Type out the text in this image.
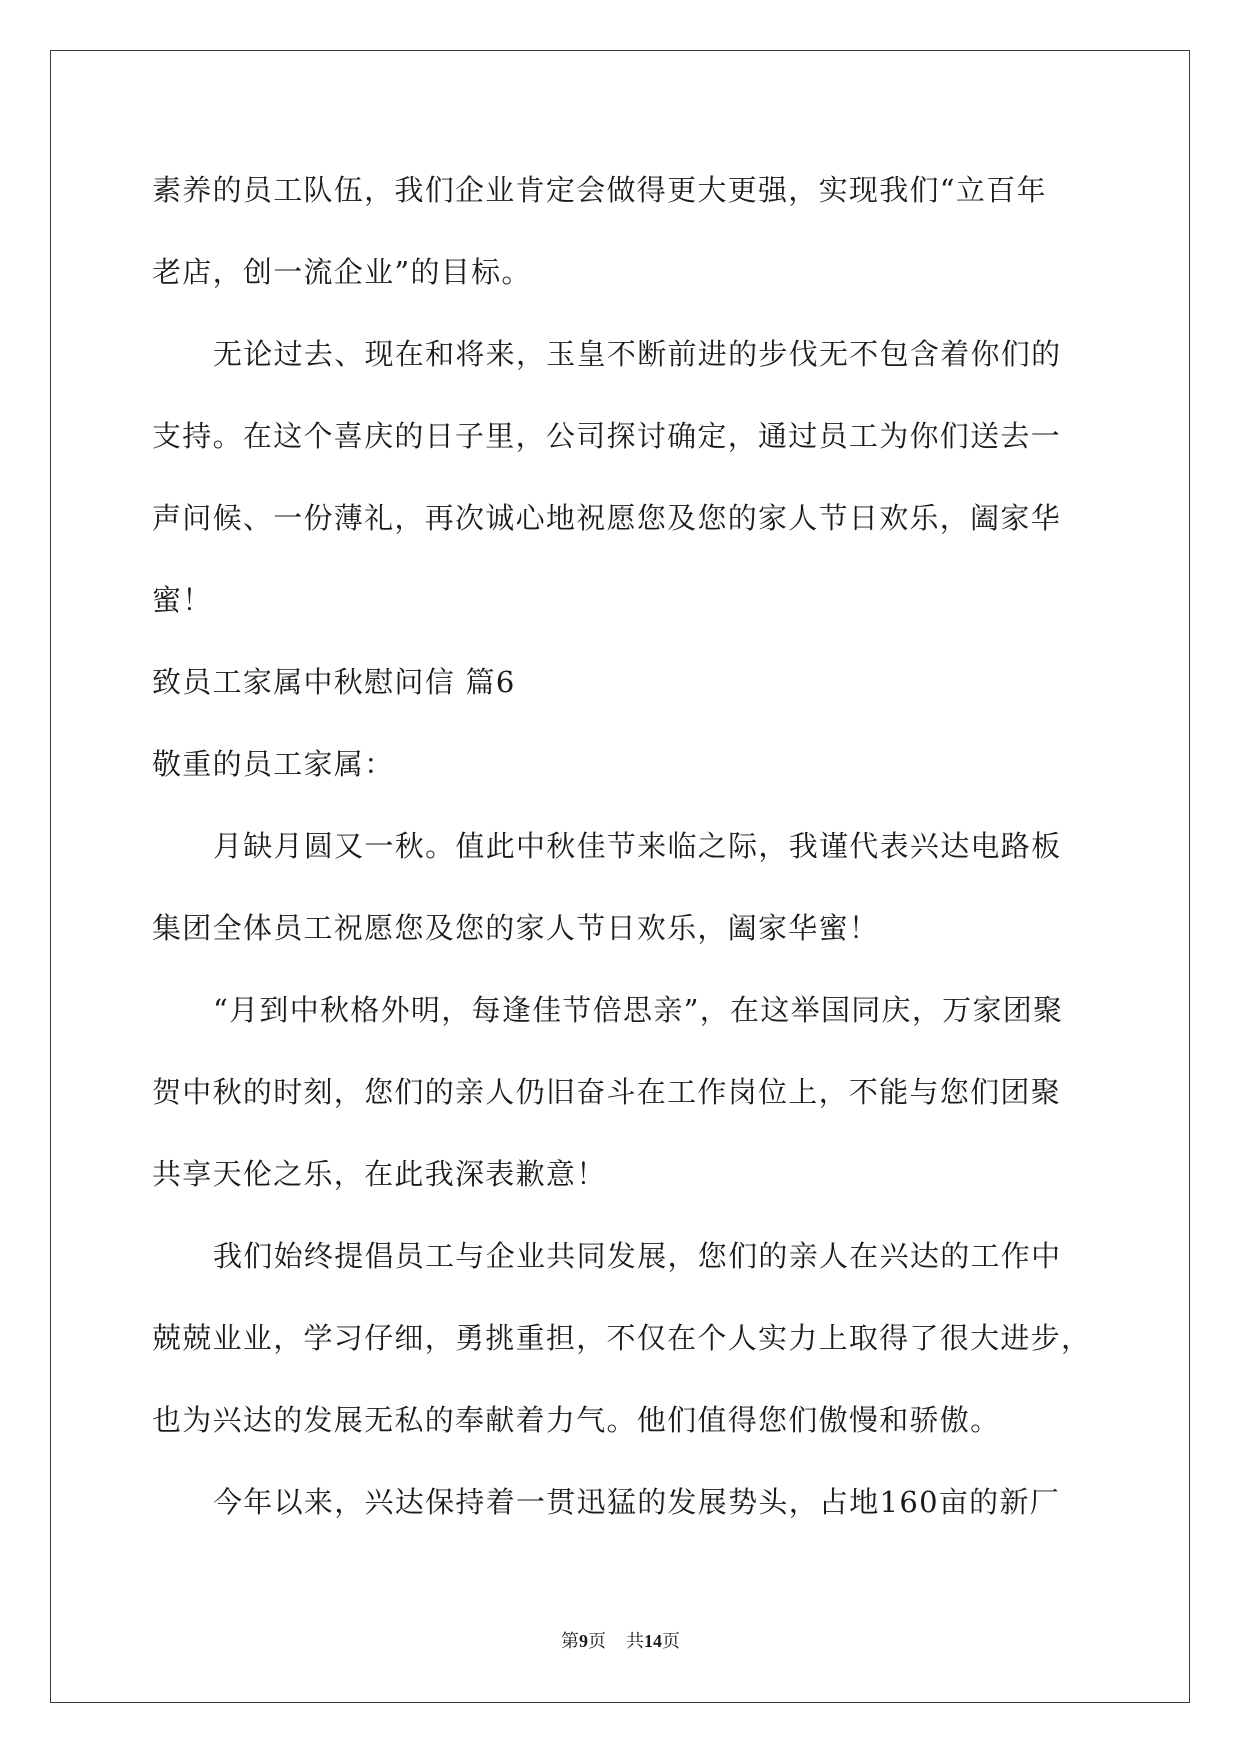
素养的员工队伍，我们企业肯定会做得更大更强，实现我们“立百年
老店，创一流企业”的目标。
无论过去、现在和将来，玉皇不断前进的步伐无不包含着你们的
支持。在这个喜庆的日子里，公司探讨确定，通过员工为你们送去一
声问候、一份薄礼，再次诚心地祝愿您及您的家人节日欢乐，阖家华
蜜！
致员工家属中秋慰问信 篇6
敬重的员工家属：
月缺月圆又一秋。值此中秋佳节来临之际，我谨代表兴达电路板
集团全体员工祝愿您及您的家人节日欢乐，阖家华蜜！
“月到中秋格外明，每逢佳节倍思亲”，在这举国同庆，万家团聚
贺中秋的时刻，您们的亲人仍旧奋斗在工作岗位上，不能与您们团聚
共享天伦之乐，在此我深表歉意！
我们始终提倡员工与企业共同发展，您们的亲人在兴达的工作中
兢兢业业，学习仔细，勇挑重担，不仅在个人实力上取得了很大进步，
也为兴达的发展无私的奉献着力气。他们值得您们傲慢和骄傲。
今年以来，兴达保持着一贯迅猛的发展势头，占地160亩的新厂
第9页 共14页
